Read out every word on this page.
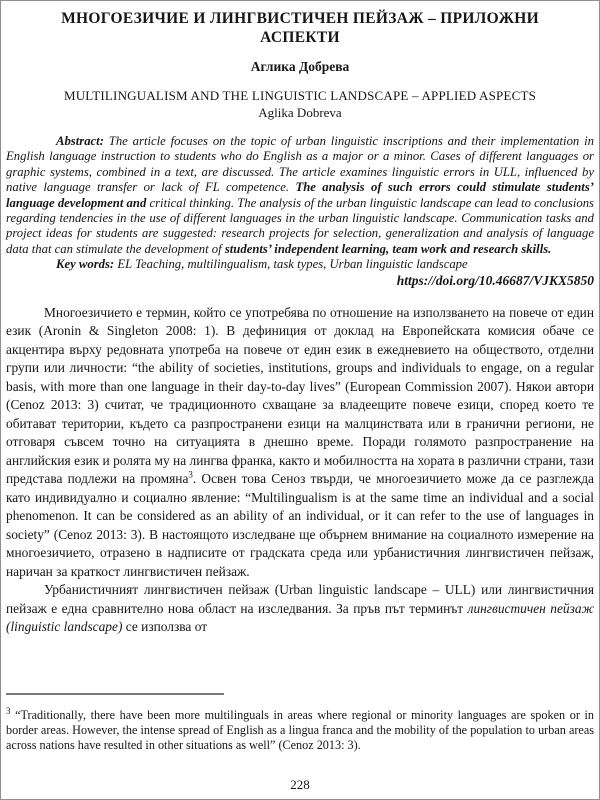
МНОГОЕЗИЧИЕ И ЛИНГВИСТИЧЕН ПЕЙЗАЖ – ПРИЛОЖНИ
АСПЕКТИ
Аглика Добрева
MULTILINGUALISM AND THE LINGUISTIC LANDSCAPE – APPLIED ASPECTS
Aglika Dobreva

Abstract: The article focuses on the topic of urban linguistic inscriptions and their implementation in English language instruction to students who do English as a major or a minor. Cases of different languages or graphic systems, combined in a text, are discussed. The article examines linguistic errors in ULL, influenced by native language transfer or lack of FL competence. The analysis of such errors could stimulate students’ language development and critical thinking. The analysis of the urban linguistic landscape can lead to conclusions regarding tendencies in the use of different languages in the urban linguistic landscape. Communication tasks and project ideas for students are suggested: research projects for selection, generalization and analysis of language data that can stimulate the development of students’ independent learning, team work and research skills.

Key words: EL Teaching, multilingualism, task types, Urban linguistic landscape

https://doi.org/10.46687/VJKX5850

Многоезичието е термин, който се употребява по отношение на използването на повече от един език (Aronin & Singleton 2008: 1). В дефиниция от доклад на Европейската комисия обаче се акцентира върху редовната употреба на повече от един език в ежедневието на обществото, отделни групи или личности: “the ability of societies, institutions, groups and individuals to engage, on a regular basis, with more than one language in their day-to-day lives” (European Commission 2007). Някои автори (Cenoz 2013: 3) считат, че традиционното схващане за владеещите повече езици, според което те обитават територии, където са разпространени езици на малцинствата или в гранични региони, не отговаря съвсем точно на ситуацията в днешно време. Поради голямото разпространение на английския език и ролята му на лингва франка, както и мобилността на хората в различни страни, тази представа подлежи на промяна$^3$. Освен това Сеноз твърди, че многоезичието може да се разглежда като индивидуално и социално явление: “Multilingualism is at the same time an individual and a social phenomenon. It can be considered as an ability of an individual, or it can refer to the use of languages in society” (Cenoz 2013: 3). В настоящото изследване ще обърнем внимание на социалното измерение на многоезичието, отразено в надписите от градската среда или урбанистичния лингвистичен пейзаж, наричан за краткост лингвистичен пейзаж.

Урбанистичният лингвистичен пейзаж (Urban linguistic landscape – ULL) или лингвистичния пейзаж е една сравнително нова област на изследвания. За пръв път терминът лингвистичен пейзаж (linguistic landscape) се използва от

$^3$ “Traditionally, there have been more multilinguals in areas where regional or minority languages are spoken or in border areas. However, the intense spread of English as a lingua franca and the mobility of the population to urban areas across nations have resulted in other situations as well” (Cenoz 2013: 3).

228
